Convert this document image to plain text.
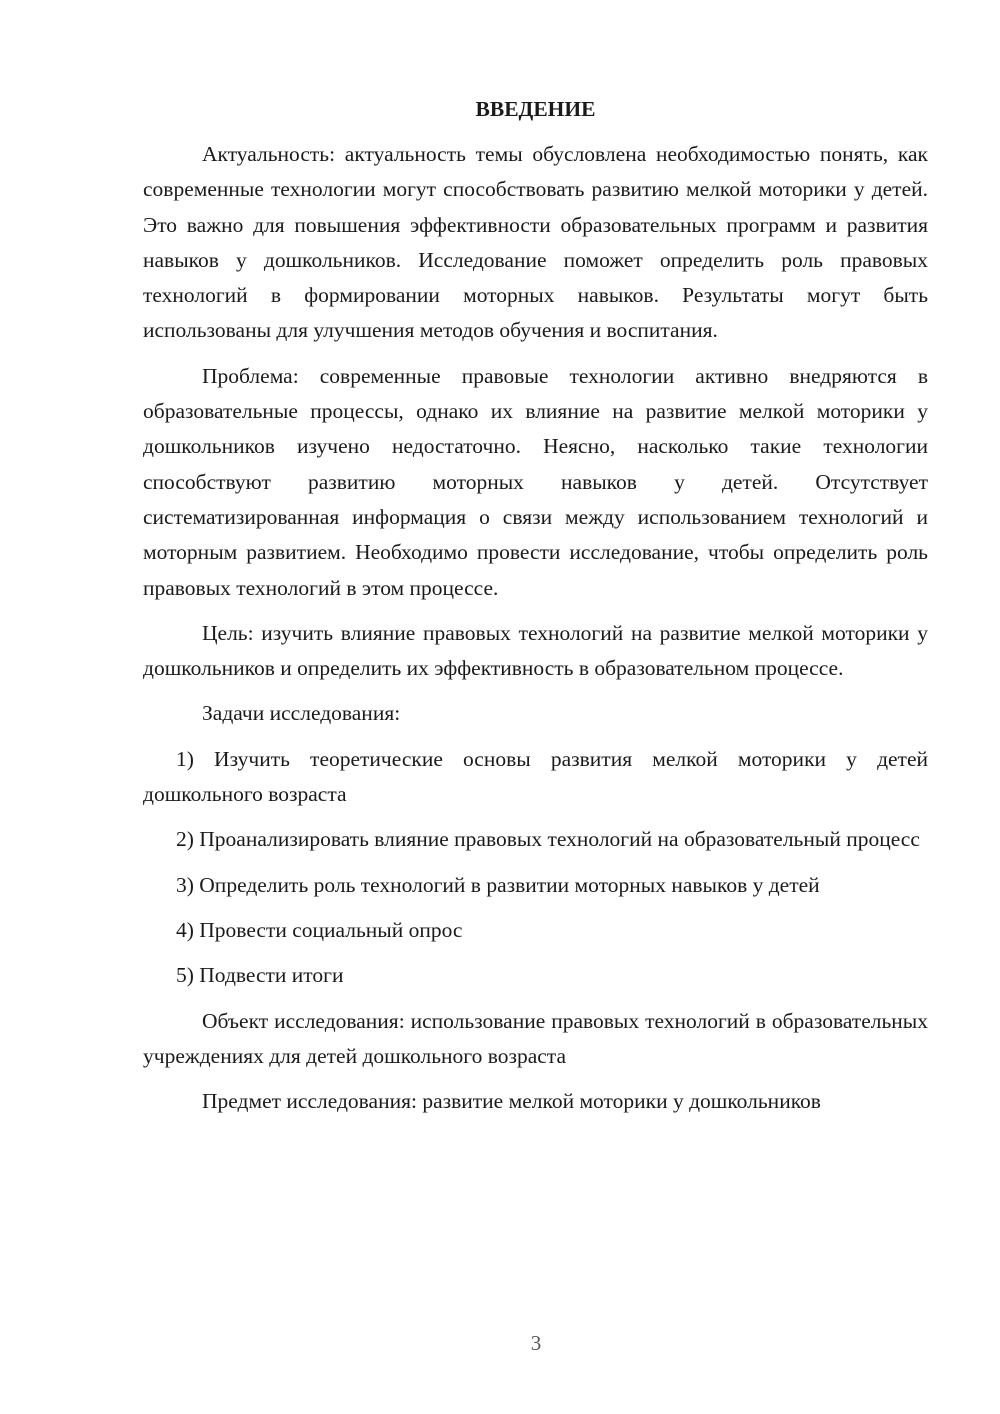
ВВЕДЕНИЕ

Актуальность: актуальность темы обусловлена необходимостью понять, как современные технологии могут способствовать развитию мелкой моторики у детей. Это важно для повышения эффективности образовательных программ и развития навыков у дошкольников. Исследование поможет определить роль правовых технологий в формировании моторных навыков. Результаты могут быть использованы для улучшения методов обучения и воспитания.

Проблема: современные правовые технологии активно внедряются в образовательные процессы, однако их влияние на развитие мелкой моторики у дошкольников изучено недостаточно. Неясно, насколько такие технологии способствуют развитию моторных навыков у детей. Отсутствует систематизированная информация о связи между использованием технологий и моторным развитием. Необходимо провести исследование, чтобы определить роль правовых технологий в этом процессе.

Цель: изучить влияние правовых технологий на развитие мелкой моторики у дошкольников и определить их эффективность в образовательном процессе.

Задачи исследования:

1) Изучить теоретические основы развития мелкой моторики у детей дошкольного возраста
2) Проанализировать влияние правовых технологий на образовательный процесс
3) Определить роль технологий в развитии моторных навыков у детей
4) Провести социальный опрос
5) Подвести итоги

Объект исследования: использование правовых технологий в образовательных учреждениях для детей дошкольного возраста

Предмет исследования: развитие мелкой моторики у дошкольников

3
